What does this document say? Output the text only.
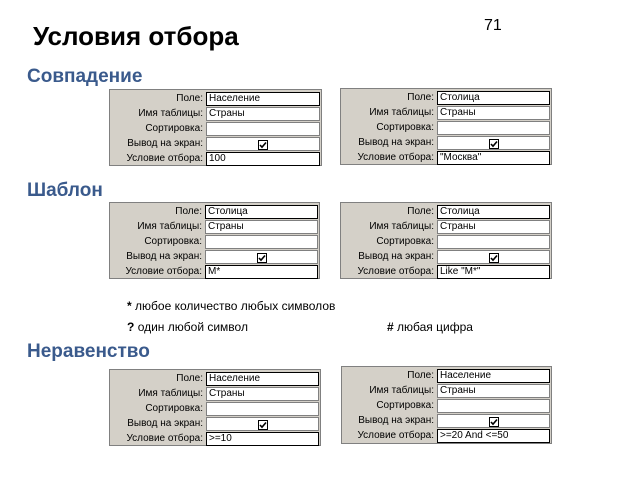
71
Условия отбора
Совпадение
Шаблон
Неравенство
Поле: Население
Имя таблицы: Страны
Сортировка:
Вывод на экран:
Условие отбора: 100
Поле: Столица
Имя таблицы: Страны
Сортировка:
Вывод на экран:
Условие отбора: "Москва"
Поле: Столица
Имя таблицы: Страны
Сортировка:
Вывод на экран:
Условие отбора: М*
Поле: Столица
Имя таблицы: Страны
Сортировка:
Вывод на экран:
Условие отбора: Like "М*"
Поле: Население
Имя таблицы: Страны
Сортировка:
Вывод на экран:
Условие отбора: >=10
Поле: Население
Имя таблицы: Страны
Сортировка:
Вывод на экран:
Условие отбора: >=20 And <=50
* любое количество любых символов
? один любой символ	# любая цифра
